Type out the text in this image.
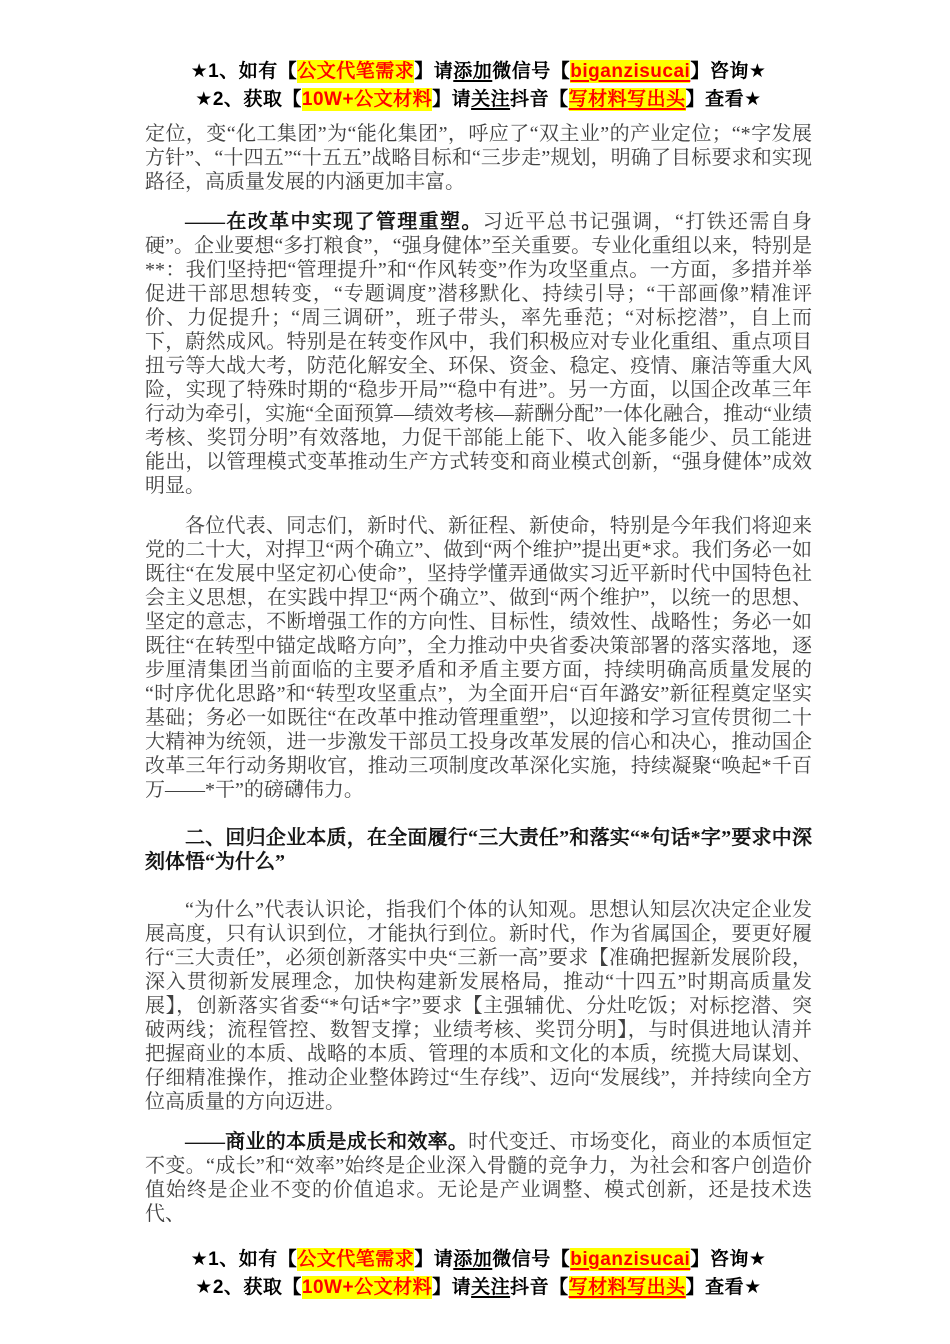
★1、如有【公文代笔需求】请添加微信号【biganzisucai】咨询★
★2、获取【10W+公文材料】请关注抖音【写材料写出头】查看★

定位，变“化工集团”为“能化集团”，呼应了“双主业”的产业定位；“*字发展方针”、“十四五”“十五五”战略目标和“三步走”规划，明确了目标要求和实现路径，高质量发展的内涵更加丰富。

——在改革中实现了管理重塑。习近平总书记强调，“打铁还需自身硬”。企业要想“多打粮食”，“强身健体”至关重要。专业化重组以来，特别是**：我们坚持把“管理提升”和“作风转变”作为攻坚重点。一方面，多措并举促进干部思想转变，“专题调度”潜移默化、持续引导；“干部画像”精准评价、力促提升；“周三调研”，班子带头，率先垂范；“对标挖潜”，自上而下，蔚然成风。特别是在转变作风中，我们积极应对专业化重组、重点项目扭亏等大战大考，防范化解安全、环保、资金、稳定、疫情、廉洁等重大风险，实现了特殊时期的“稳步开局”“稳中有进”。另一方面，以国企改革三年行动为牵引，实施“全面预算—绩效考核—薪酬分配”一体化融合，推动“业绩考核、奖罚分明”有效落地，力促干部能上能下、收入能多能少、员工能进能出，以管理模式变革推动生产方式转变和商业模式创新，“强身健体”成效明显。

各位代表、同志们，新时代、新征程、新使命，特别是今年我们将迎来党的二十大，对捍卫“两个确立”、做到“两个维护”提出更*求。我们务必一如既往“在发展中坚定初心使命”，坚持学懂弄通做实习近平新时代中国特色社会主义思想，在实践中捍卫“两个确立”、做到“两个维护”，以统一的思想、坚定的意志，不断增强工作的方向性、目标性，绩效性、战略性；务必一如既往“在转型中锚定战略方向”，全力推动中央省委决策部署的落实落地，逐步厘清集团当前面临的主要矛盾和矛盾主要方面，持续明确高质量发展的“时序优化思路”和“转型攻坚重点”，为全面开启“百年潞安”新征程奠定坚实基础；务必一如既往“在改革中推动管理重塑”，以迎接和学习宣传贯彻二十大精神为统领，进一步激发干部员工投身改革发展的信心和决心，推动国企改革三年行动务期收官，推动三项制度改革深化实施，持续凝聚“唤起*千百万——*干”的磅礴伟力。

二、回归企业本质，在全面履行“三大责任”和落实“*句话*字”要求中深刻体悟“为什么”

“为什么”代表认识论，指我们个体的认知观。思想认知层次决定企业发展高度，只有认识到位，才能执行到位。新时代，作为省属国企，要更好履行“三大责任”，必须创新落实中央“三新一高”要求【准确把握新发展阶段，深入贯彻新发展理念，加快构建新发展格局，推动“十四五”时期高质量发展】，创新落实省委“*句话*字”要求【主强辅优、分灶吃饭；对标挖潜、突破两线；流程管控、数智支撑；业绩考核、奖罚分明】，与时俱进地认清并把握商业的本质、战略的本质、管理的本质和文化的本质，统揽大局谋划、仔细精准操作，推动企业整体跨过“生存线”、迈向“发展线”，并持续向全方位高质量的方向迈进。

——商业的本质是成长和效率。时代变迁、市场变化，商业的本质恒定不变。“成长”和“效率”始终是企业深入骨髓的竞争力，为社会和客户创造价值始终是企业不变的价值追求。无论是产业调整、模式创新，还是技术迭代、

★1、如有【公文代笔需求】请添加微信号【biganzisucai】咨询★
★2、获取【10W+公文材料】请关注抖音【写材料写出头】查看★
